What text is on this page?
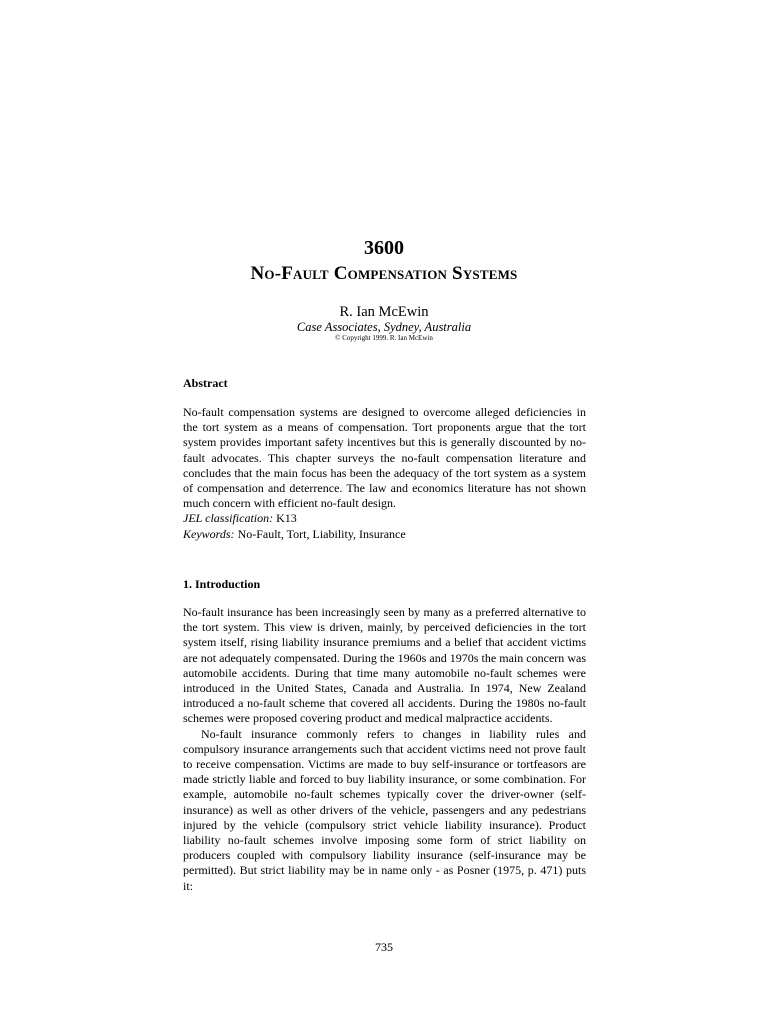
3600
No-Fault Compensation Systems
R. Ian McEwin
Case Associates, Sydney, Australia
© Copyright 1999. R. Ian McEwin
Abstract

No-fault compensation systems are designed to overcome alleged deficiencies in the tort system as a means of compensation. Tort proponents argue that the tort system provides important safety incentives but this is generally discounted by no-fault advocates. This chapter surveys the no-fault compensation literature and concludes that the main focus has been the adequacy of the tort system as a system of compensation and deterrence. The law and economics literature has not shown much concern with efficient no-fault design.

JEL classification: K13
Keywords: No-Fault, Tort, Liability, Insurance
1. Introduction

No-fault insurance has been increasingly seen by many as a preferred alternative to the tort system. This view is driven, mainly, by perceived deficiencies in the tort system itself, rising liability insurance premiums and a belief that accident victims are not adequately compensated. During the 1960s and 1970s the main concern was automobile accidents. During that time many automobile no-fault schemes were introduced in the United States, Canada and Australia. In 1974, New Zealand introduced a no-fault scheme that covered all accidents. During the 1980s no-fault schemes were proposed covering product and medical malpractice accidents.

No-fault insurance commonly refers to changes in liability rules and compulsory insurance arrangements such that accident victims need not prove fault to receive compensation. Victims are made to buy self-insurance or tortfeasors are made strictly liable and forced to buy liability insurance, or some combination. For example, automobile no-fault schemes typically cover the driver-owner (self-insurance) as well as other drivers of the vehicle, passengers and any pedestrians injured by the vehicle (compulsory strict vehicle liability insurance). Product liability no-fault schemes involve imposing some form of strict liability on producers coupled with compulsory liability insurance (self-insurance may be permitted). But strict liability may be in name only - as Posner (1975, p. 471) puts it:

735
